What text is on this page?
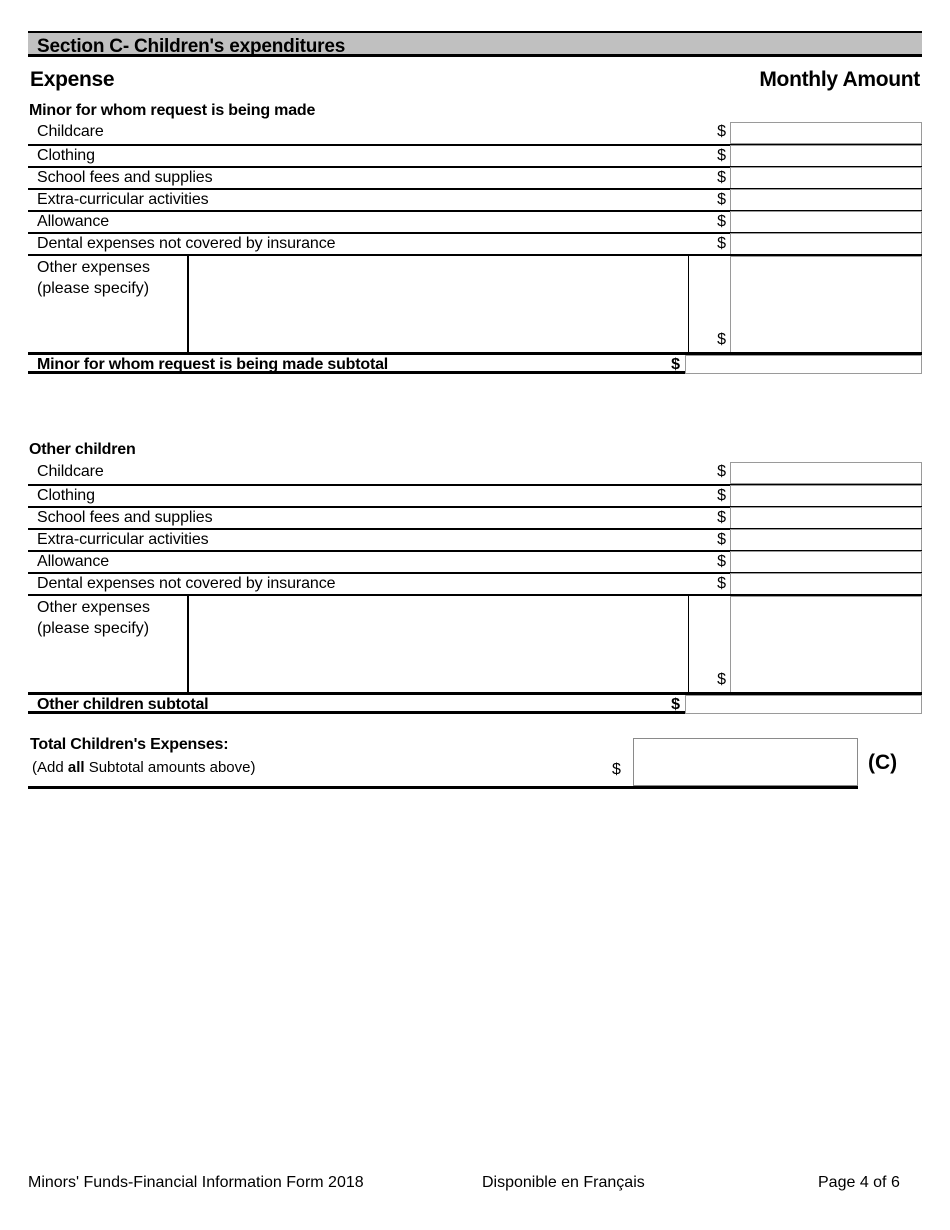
Section C- Children's expenditures
Expense	Monthly Amount
Minor for whom request is being made
Childcare	$
Clothing	$
School fees and supplies	$
Extra-curricular activities	$
Allowance	$
Dental expenses not covered by insurance	$
Other expenses
(please specify)
$
Minor for whom request is being made subtotal	$
Other children
Childcare	$
Clothing	$
School fees and supplies	$
Extra-curricular activities	$
Allowance	$
Dental expenses not covered by insurance	$
Other expenses
(please specify)
$
Other children subtotal	$
Total Children's Expenses:
(Add all Subtotal amounts above)	$	(C)
Minors' Funds-Financial Information Form 2018	Disponible en Français	Page 4 of 6
